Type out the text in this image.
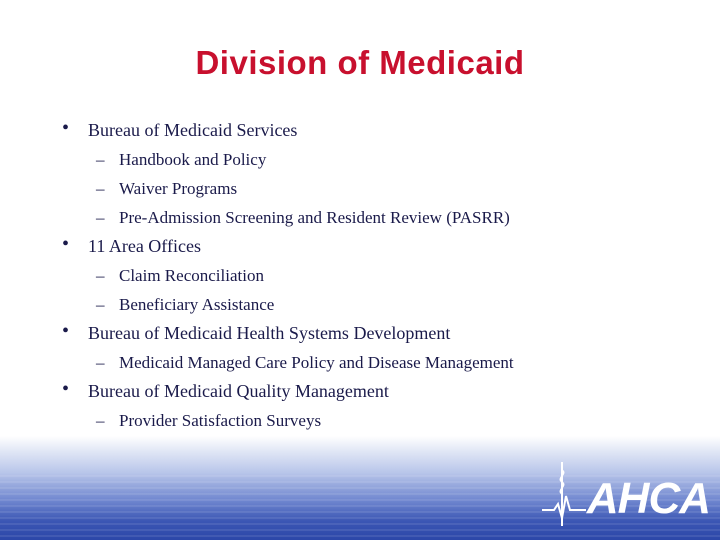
Division of Medicaid
• Bureau of Medicaid Services
– Handbook and Policy
– Waiver Programs
– Pre-Admission Screening and Resident Review (PASRR)
• 11 Area Offices
– Claim Reconciliation
– Beneficiary Assistance
• Bureau of Medicaid Health Systems Development
– Medicaid Managed Care Policy and Disease Management
• Bureau of Medicaid Quality Management
– Provider Satisfaction Surveys
AHCA
